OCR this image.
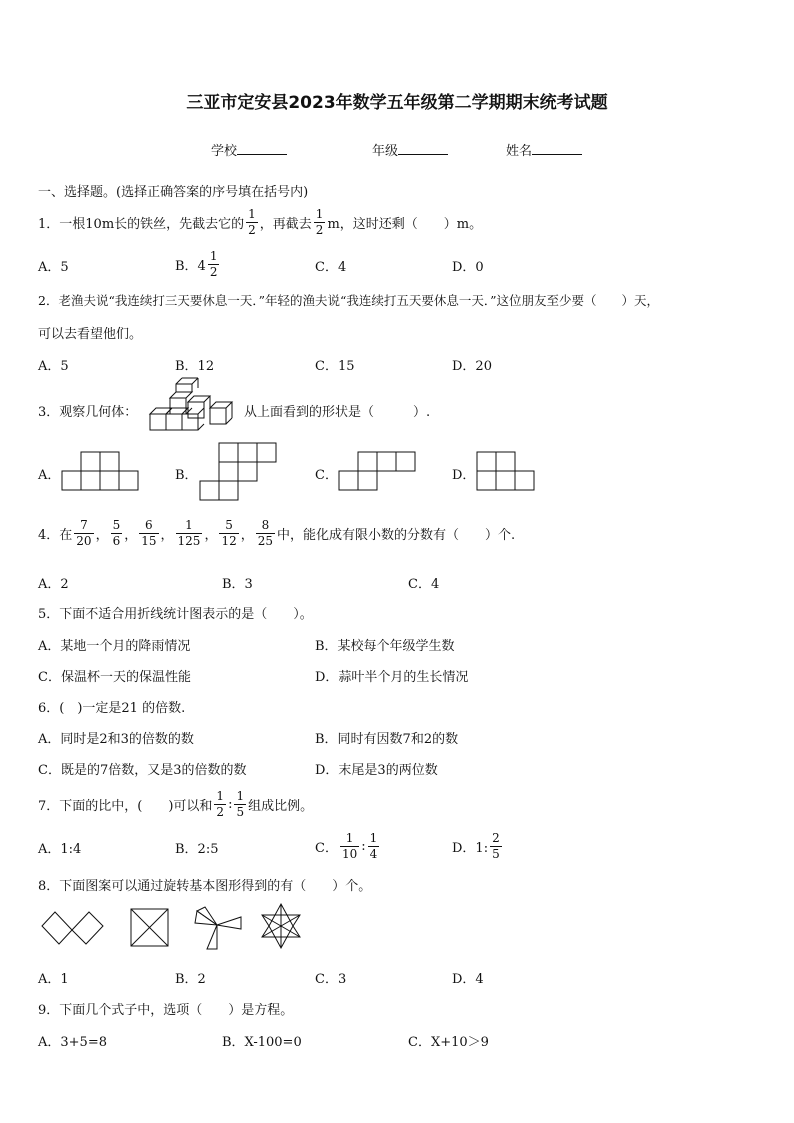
三亚市定安县2023年数学五年级第二学期期末统考试题
学校	年级	姓名
一、选择题。(选择正确答案的序号填在括号内)
1．一根10m长的铁丝，先截去它的
1
2 ，再截去
1
2 m，这时还剩（　　）m。
A．5	B．4
1
2	C．4	D．0
2．老渔夫说“我连续打三天要休息一天．”年轻的渔夫说“我连续打五天要休息一天．”这位朋友至少要（　　）天，
可以去看望他们。
A．5	B．12	C．15	D．20
3．观察几何体：	从上面看到的形状是（　　　）.
A．	B．	C．	D．
4．在
7
20 ，
5
6 ，
6
15 ，
1
125 ，
5
12 ，
8
25 中，能化成有限小数的分数有（　　）个.
A．2	B．3	C．4
5．下面不适合用折线统计图表示的是（　　）。
A．某地一个月的降雨情况	B．某校每个年级学生数
C．保温杯一天的保温性能	D．蒜叶半个月的生长情况
6．(　)一定是21 的倍数.
A．同时是2和3的倍数的数	B．同时有因数7和2的数
C．既是的7倍数，又是3的倍数的数	D．末尾是3的两位数
7．下面的比中，(　　)可以和
1
2 :
1
5 组成比例。
A．1:4	B．2:5	C．
1
10 :
1
4	D．1:
2
5
8．下面图案可以通过旋转基本图形得到的有（　　）个。
A．1	B．2	C．3	D．4
9．下面几个式子中，选项（　　）是方程。
A．3+5=8	B．X-100=0	C．X+10＞9
